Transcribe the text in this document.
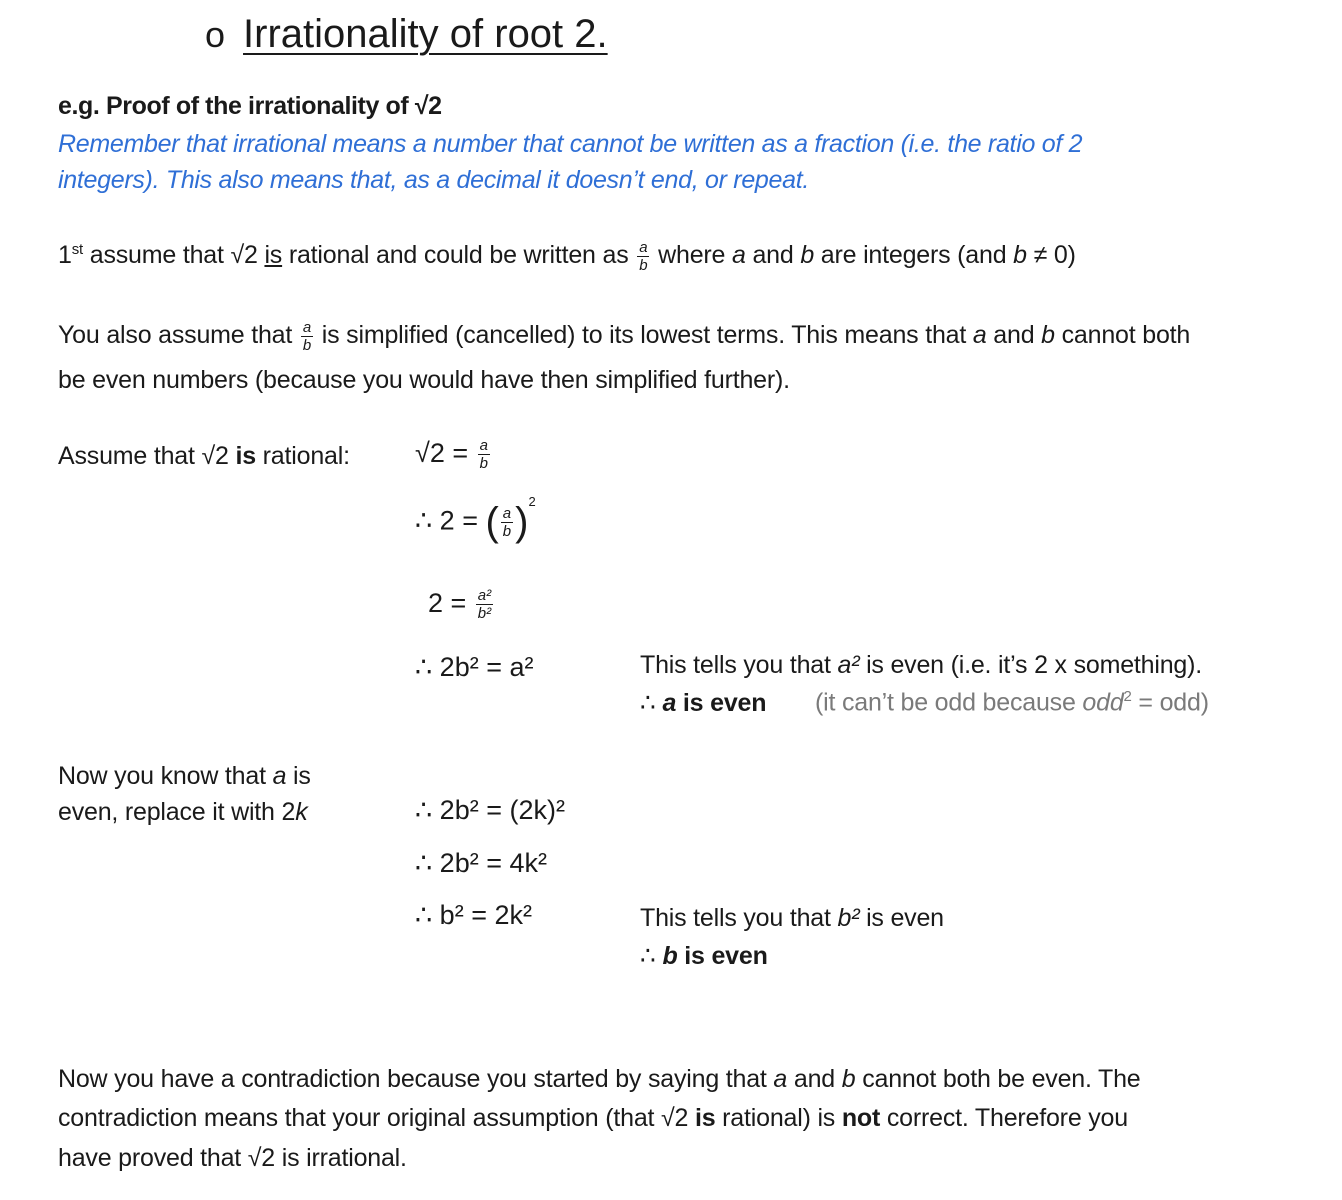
o Irrationality of root 2.
e.g. Proof of the irrationality of √2
Remember that irrational means a number that cannot be written as a fraction (i.e. the ratio of 2
integers). This also means that, as a decimal it doesn’t end, or repeat.
1st assume that √2 is rational and could be written as $\frac{a}{b}$ where a and b are integers (and b ≠ 0)
You also assume that $\frac{a}{b}$ is simplified (cancelled) to its lowest terms. This means that a and b cannot both
be even numbers (because you would have then simplified further).
Assume that √2 is rational: $√2 = \frac{a}{b}$
∴ 2 = ( $\frac{a}{b} )^2$
$2 = \frac{\text{a²}}{\text{b²}}$
∴ 2b² = a²	This tells you that a² is even (i.e. it’s 2 x something).
∴ a is even (it can’t be odd because odd$^2$ = odd)
Now you know that a is
even, replace it with 2k	∴ 2b² = (2k)²
∴ 2b² = 4k²
∴ b² = 2k²	This tells you that b² is even
∴ b is even
Now you have a contradiction because you started by saying that a and b cannot both be even. The
contradiction means that your original assumption (that √2 is rational) is not correct. Therefore you
have proved that √2 is irrational.
